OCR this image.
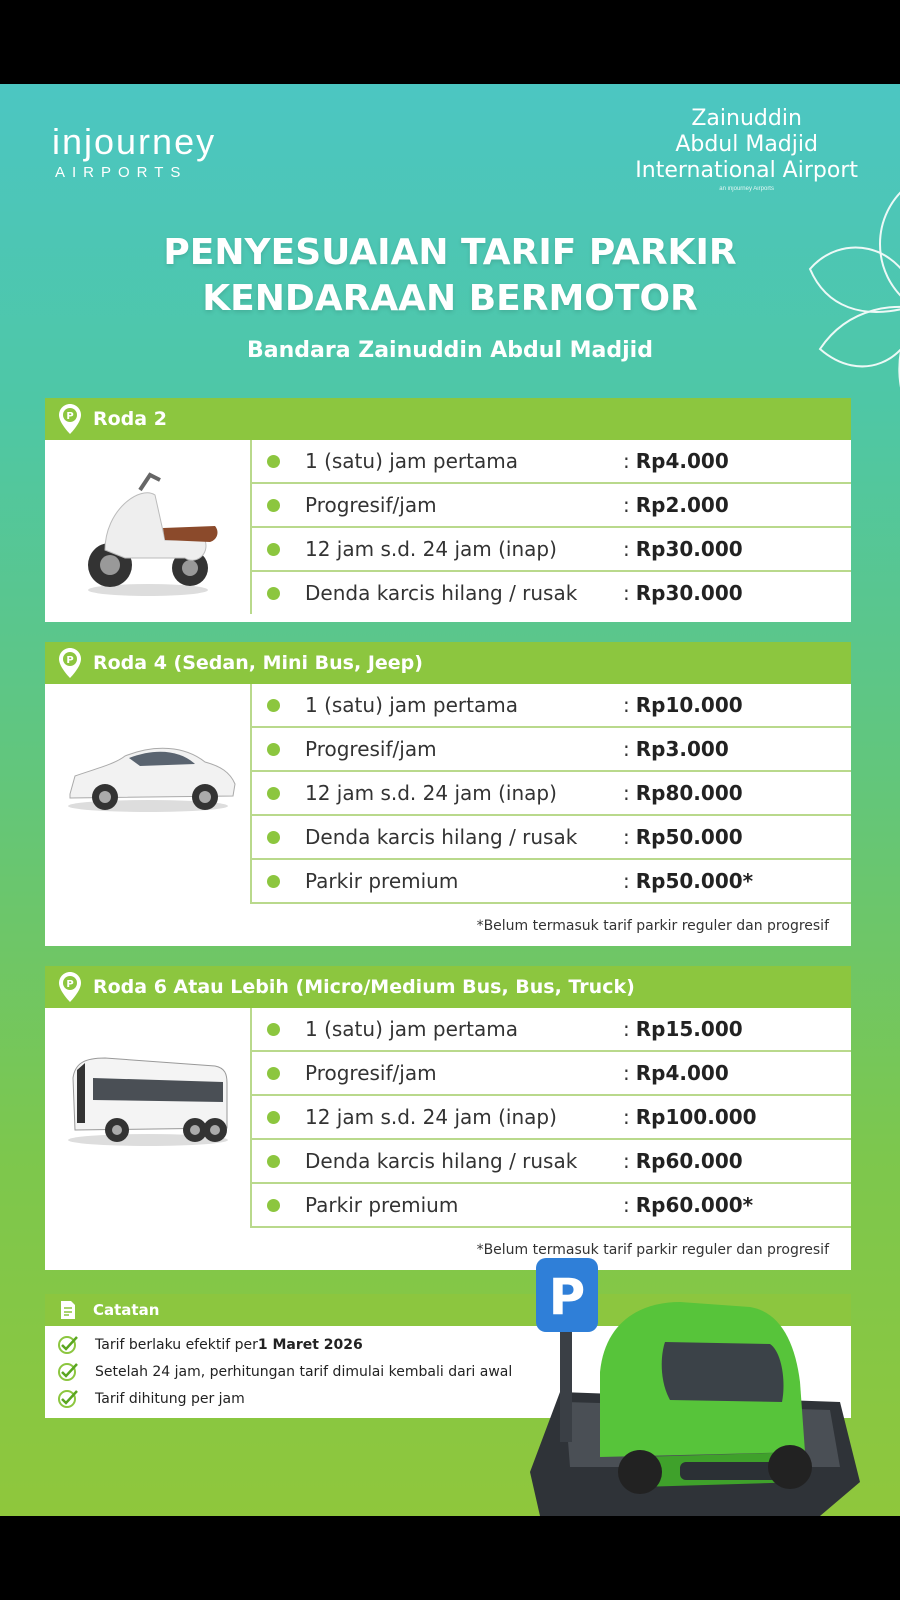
injourney
AIRPORTS
Zainuddin
Abdul Madjid
International Airport
an injourney Airports
PENYESUAIAN TARIF PARKIR
KENDARAAN BERMOTOR
Bandara Zainuddin Abdul Madjid
P Roda 2
1 (satu) jam pertama	: Rp4.000
Progresif/jam	: Rp2.000
12 jam s.d. 24 jam (inap)	: Rp30.000
Denda karcis hilang / rusak	: Rp30.000
P Roda 4 (Sedan, Mini Bus, Jeep)
1 (satu) jam pertama	: Rp10.000
Progresif/jam	: Rp3.000
12 jam s.d. 24 jam (inap)	: Rp80.000
Denda karcis hilang / rusak	: Rp50.000
Parkir premium	: Rp50.000*
*Belum termasuk tarif parkir reguler dan progresif
P Roda 6 Atau Lebih (Micro/Medium Bus, Bus, Truck)
1 (satu) jam pertama	: Rp15.000
Progresif/jam	: Rp4.000
12 jam s.d. 24 jam (inap)	: Rp100.000
Denda karcis hilang / rusak	: Rp60.000
Parkir premium	: Rp60.000*
*Belum termasuk tarif parkir reguler dan progresif
Catatan
Tarif berlaku efektif per 1 Maret 2026
Setelah 24 jam, perhitungan tarif dimulai kembali dari awal
Tarif dihitung per jam
P
